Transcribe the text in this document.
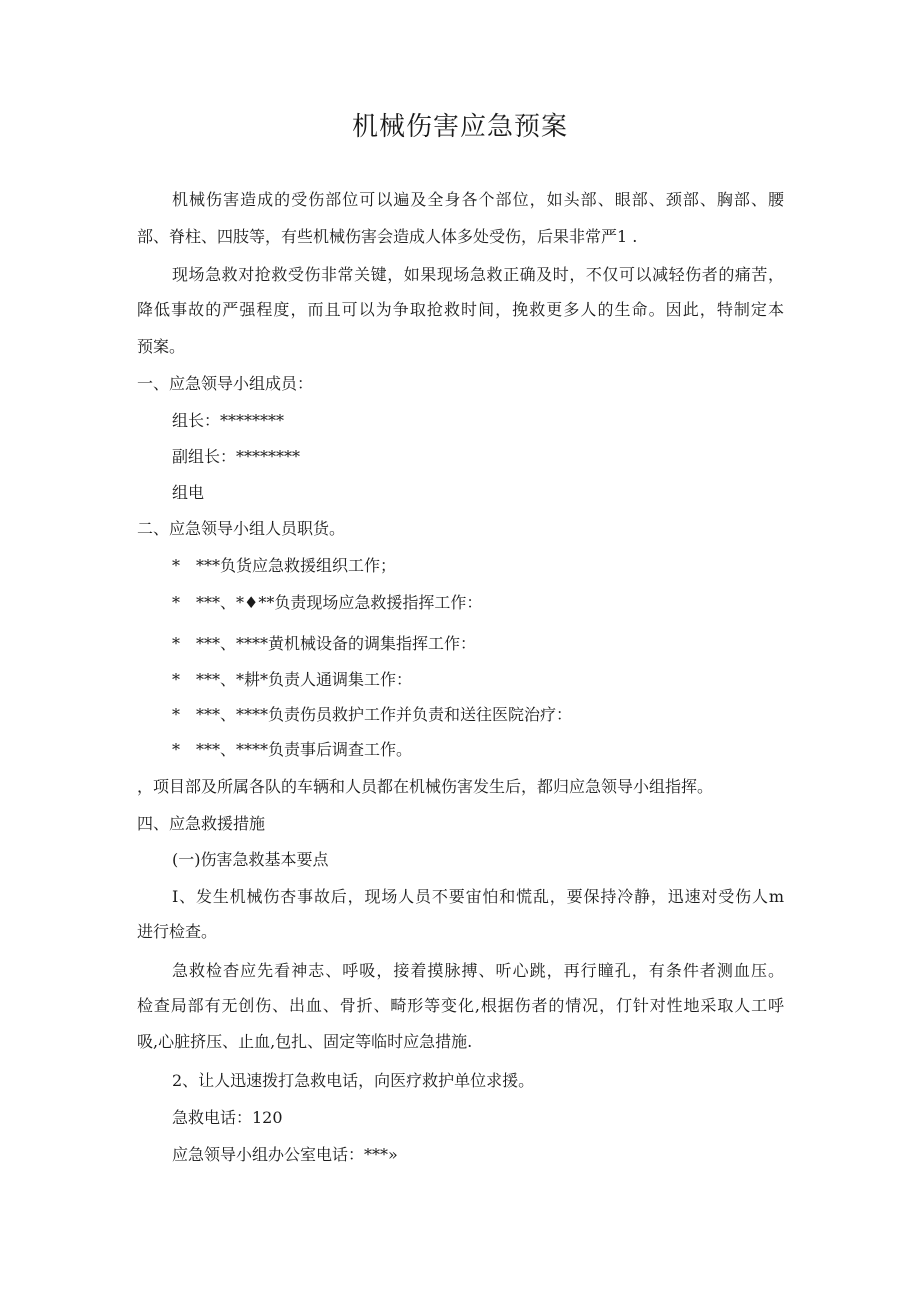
机械伤害应急预案
机械伤害造成的受伤部位可以遍及全身各个部位，如头部、眼部、颈部、胸部、腰
部、脊柱、四肢等，有些机械伤害会造成人体多处受伤，后果非常严1 .
现场急救对抢救受伤非常关键，如果现场急救正确及时，不仅可以减轻伤者的痛苦，
降低事故的严强程度，而且可以为争取抢救时间，挽救更多人的生命。因此，特制定本
预案。
一、应急领导小组成员：
组长：********
副组长：********
组电
二、应急领导小组人员职货。
*　***负货应急救援组织工作；
*　***、*♦**负责现场应急救援指挥工作：
*　***、****黄机械设备的调集指挥工作：
*　***、*耕*负责人通调集工作：
*　***、****负责伤员救护工作并负责和送往医院治疗：
*　***、****负责事后调查工作。
，项目部及所属各队的车辆和人员都在机械伤害发生后，都归应急领导小组指挥。
四、应急救援措施
(一)伤害急救基本要点
I、发生机械伤杏事故后，现场人员不要宙怕和慌乱，要保持冷静，迅速对受伤人m
进行检查。
急救检杳应先看神志、呼吸，接着摸脉搏、听心跳，再行瞳孔，有条件者测血压。
检查局部有无创伤、出血、骨折、畸形等变化,根据伤者的情况，仃针对性地采取人工呼
吸,心脏挤压、止血,包扎、固定等临时应急措施.
2、让人迅速拨打急救电话，向医疗救护单位求援。
急救电话：120
应急领导小组办公室电话：***»
